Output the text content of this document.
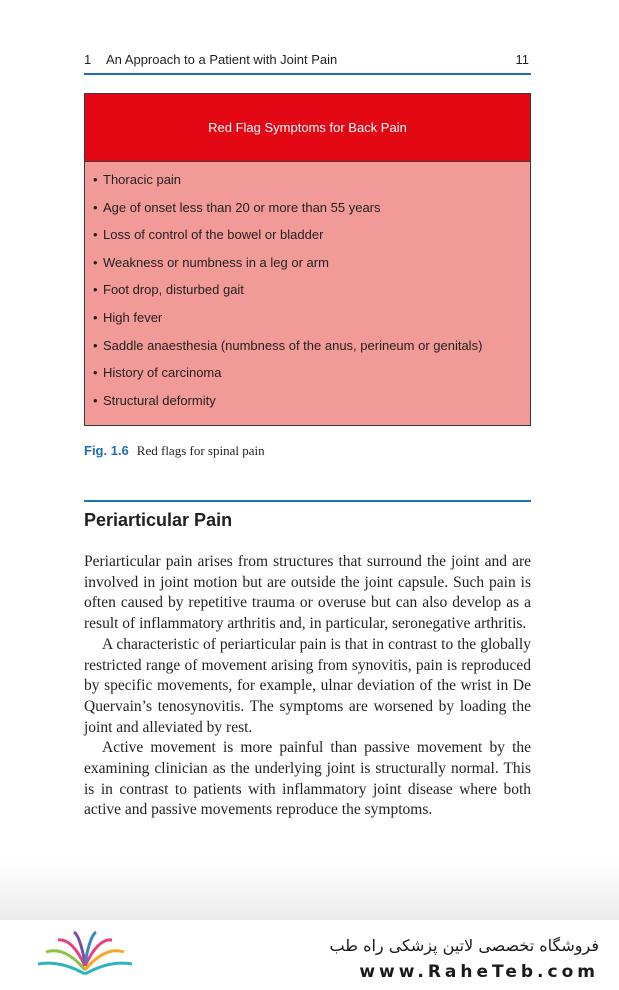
1 An Approach to a Patient with Joint Pain	11
Red Flag Symptoms for Back Pain
• Thoracic pain
• Age of onset less than 20 or more than 55 years
• Loss of control of the bowel or bladder
• Weakness or numbness in a leg or arm
• Foot drop, disturbed gait
• High fever
• Saddle anaesthesia (numbness of the anus, perineum or genitals)
• History of carcinoma
• Structural deformity
Fig. 1.6 Red flags for spinal pain
Periarticular Pain

Periarticular pain arises from structures that surround the joint and are involved in joint motion but are outside the joint capsule. Such pain is often caused by repetitive trauma or overuse but can also develop as a result of inflammatory arthritis and, in particular, seronegative arthritis.

A characteristic of periarticular pain is that in contrast to the globally restricted range of movement arising from synovitis, pain is reproduced by specific movements, for example, ulnar deviation of the wrist in De Quervain’s tenosynovitis. The symptoms are worsened by loading the joint and alleviated by rest.

Active movement is more painful than passive movement by the examining clinician as the underlying joint is structurally normal. This is in contrast to patients with inflammatory joint disease where both active and passive movements reproduce the symptoms.

فروشگاه تخصصی لاتین پزشکی راه طب
www.RaheTeb.com
